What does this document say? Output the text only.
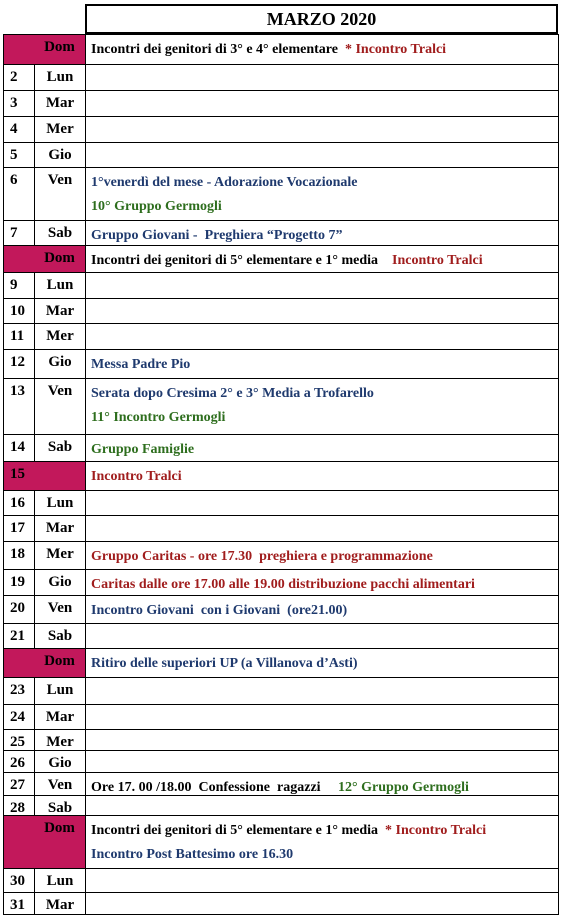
MARZO 2020
Dom	Incontri dei genitori di 3° e 4° elementare  * Incontro Tralci
2	Lun
3	Mar
4	Mer
5	Gio
6	Ven	1°venerdì del mese - Adorazione Vocazionale
10° Gruppo Germogli
7	Sab	Gruppo Giovani -  Preghiera “Progetto 7”
Dom	Incontri dei genitori di 5° elementare e 1° media    Incontro Tralci
9	Lun
10	Mar
11	Mer
12	Gio	Messa Padre Pio
13	Ven	Serata dopo Cresima 2° e 3° Media a Trofarello
11° Incontro Germogli
14	Sab	Gruppo Famiglie
15	Incontro Tralci
16	Lun
17	Mar
18	Mer	Gruppo Caritas - ore 17.30  preghiera e programmazione
19	Gio	Caritas dalle ore 17.00 alle 19.00 distribuzione pacchi alimentari
20	Ven	Incontro Giovani  con i Giovani  (ore21.00)
21	Sab
Dom	Ritiro delle superiori UP (a Villanova d’Asti)
23	Lun
24	Mar
25	Mer
26	Gio
27	Ven	Ore 17. 00 /18.00  Confessione  ragazzi     12° Gruppo Germogli
28	Sab
Dom	Incontri dei genitori di 5° elementare e 1° media  * Incontro Tralci
Incontro Post Battesimo ore 16.30
30	Lun
31	Mar
